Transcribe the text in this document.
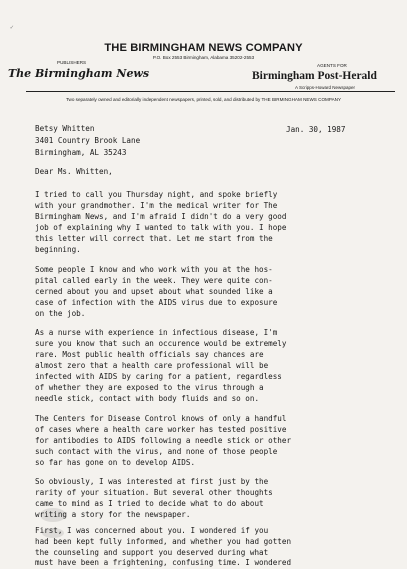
✓
THE BIRMINGHAM NEWS COMPANY
P.O. Box 2553 Birmingham, Alabama 35202-2553
PUBLISHERS
The Birmingham News
AGENTS FOR
Birmingham Post-Herald
A Scripps-Howard Newspaper
Two separately owned and editorially independent newspapers, printed, sold, and distributed by THE BIRMINGHAM NEWS COMPANY
Jan. 30, 1987
Betsy Whitten
3401 Country Brook Lane
Birmingham, AL 35243
Dear Ms. Whitten,
I tried to call you Thursday night, and spoke briefly
with your grandmother. I'm the medical writer for The
Birmingham News, and I'm afraid I didn't do a very good
job of explaining why I wanted to talk with you. I hope
this letter will correct that. Let me start from the
beginning.
Some people I know and who work with you at the hos-
pital called early in the week. They were quite con-
cerned about you and upset about what sounded like a
case of infection with the AIDS virus due to exposure
on the job.
As a nurse with experience in infectious disease, I'm
sure you know that such an occurence would be extremely
rare. Most public health officials say chances are
almost zero that a health care professional will be
infected with AIDS by caring for a patient, regardless
of whether they are exposed to the virus through a
needle stick, contact with body fluids and so on.
The Centers for Disease Control knows of only a handful
of cases where a health care worker has tested positive
for antibodies to AIDS following a needle stick or other
such contact with the virus, and none of those people
so far has gone on to develop AIDS.
So obviously, I was interested at first just by the
rarity of your situation. But several other thoughts
came to mind as I tried to decide what to do about
writing a story for the newspaper.
First, I was concerned about you. I wondered if you
had been kept fully informed, and whether you had gotten
the counseling and support you deserved during what
must have been a frightening, confusing time. I wondered
